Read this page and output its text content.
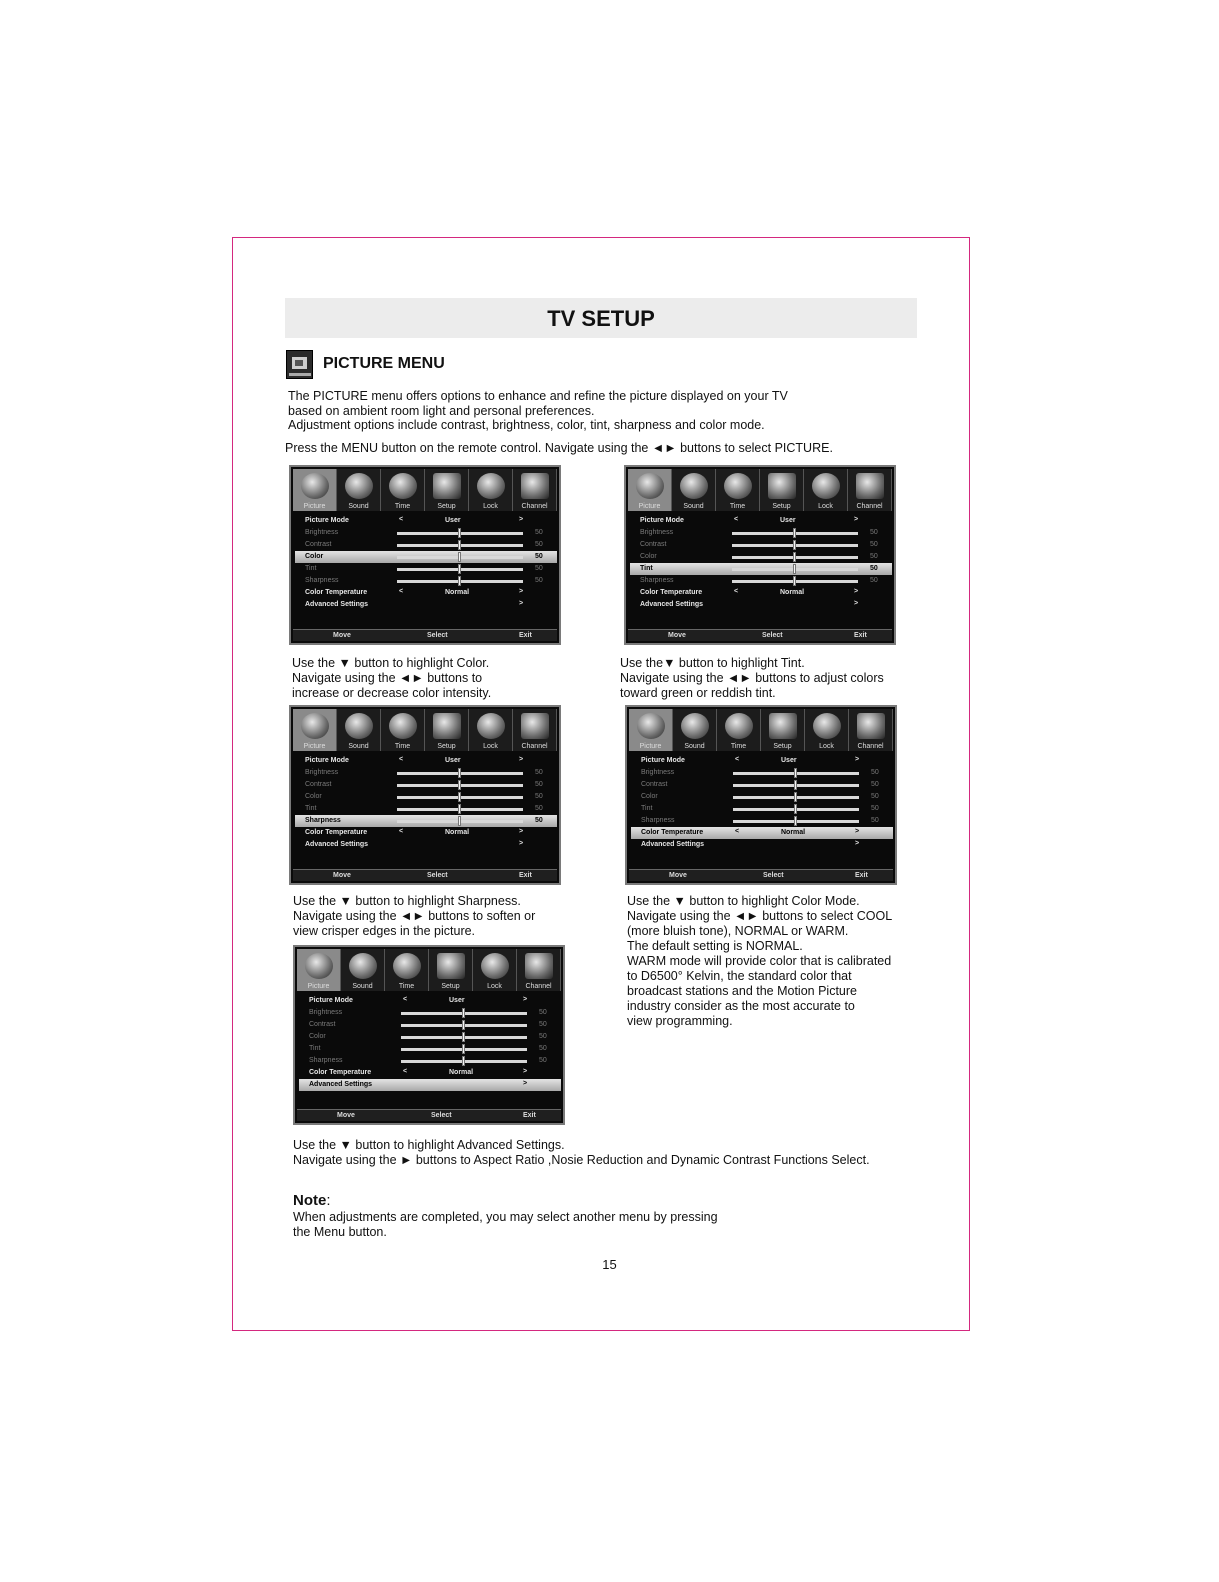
TV SETUP
PICTURE MENU
The PICTURE menu offers options to enhance and refine the picture displayed on your TV
based on ambient room light and personal preferences.
Adjustment options include contrast, brightness, color, tint, sharpness and color mode.
Press the MENU button on the remote control. Navigate using the ◄► buttons to select PICTURE.
Picture	Sound	Time	Setup	Lock	Channel
Picture Mode	<	User	>
Brightness	50
Contrast	50
Color	50
Tint	50
Sharpness	50
Color Temperature	<	Normal	>
Advanced Settings	>
Move	Select	Exit
Picture	Sound	Time	Setup	Lock	Channel
Picture Mode	<	User	>
Brightness	50
Contrast	50
Color	50
Tint	50
Sharpness	50
Color Temperature	<	Normal	>
Advanced Settings	>
Move	Select	Exit
Picture	Sound	Time	Setup	Lock	Channel
Picture Mode	<	User	>
Brightness	50
Contrast	50
Color	50
Tint	50
Sharpness	50
Color Temperature	<	Normal	>
Advanced Settings	>
Move	Select	Exit
Picture	Sound	Time	Setup	Lock	Channel
Picture Mode	<	User	>
Brightness	50
Contrast	50
Color	50
Tint	50
Sharpness	50
Color Temperature	<	Normal	>
Advanced Settings	>
Move	Select	Exit
Picture	Sound	Time	Setup	Lock	Channel
Picture Mode	<	User	>
Brightness	50
Contrast	50
Color	50
Tint	50
Sharpness	50
Color Temperature	<	Normal	>
Advanced Settings	>
Move	Select	Exit
Use the ▼ button to highlight Color.
Navigate using the ◄► buttons to
increase or decrease color intensity.
Use the▼ button to highlight Tint.
Navigate using the ◄► buttons to adjust colors
toward green or reddish tint.
Use the ▼ button to highlight Sharpness.
Navigate using the ◄► buttons to soften or
view crisper edges in the picture.
Use the ▼ button to highlight Color Mode.
Navigate using the ◄► buttons to select COOL
(more bluish tone), NORMAL or WARM.
The default setting is NORMAL.
WARM mode will provide color that is calibrated
to D6500° Kelvin, the standard color that
broadcast stations and the Motion Picture
industry consider as the most accurate to
view programming.
Use the ▼ button to highlight Advanced Settings.
Navigate using the ► buttons to Aspect Ratio ,Nosie Reduction and Dynamic Contrast Functions Select.
Note:
When adjustments are completed, you may select another menu by pressing
the Menu button.
15
